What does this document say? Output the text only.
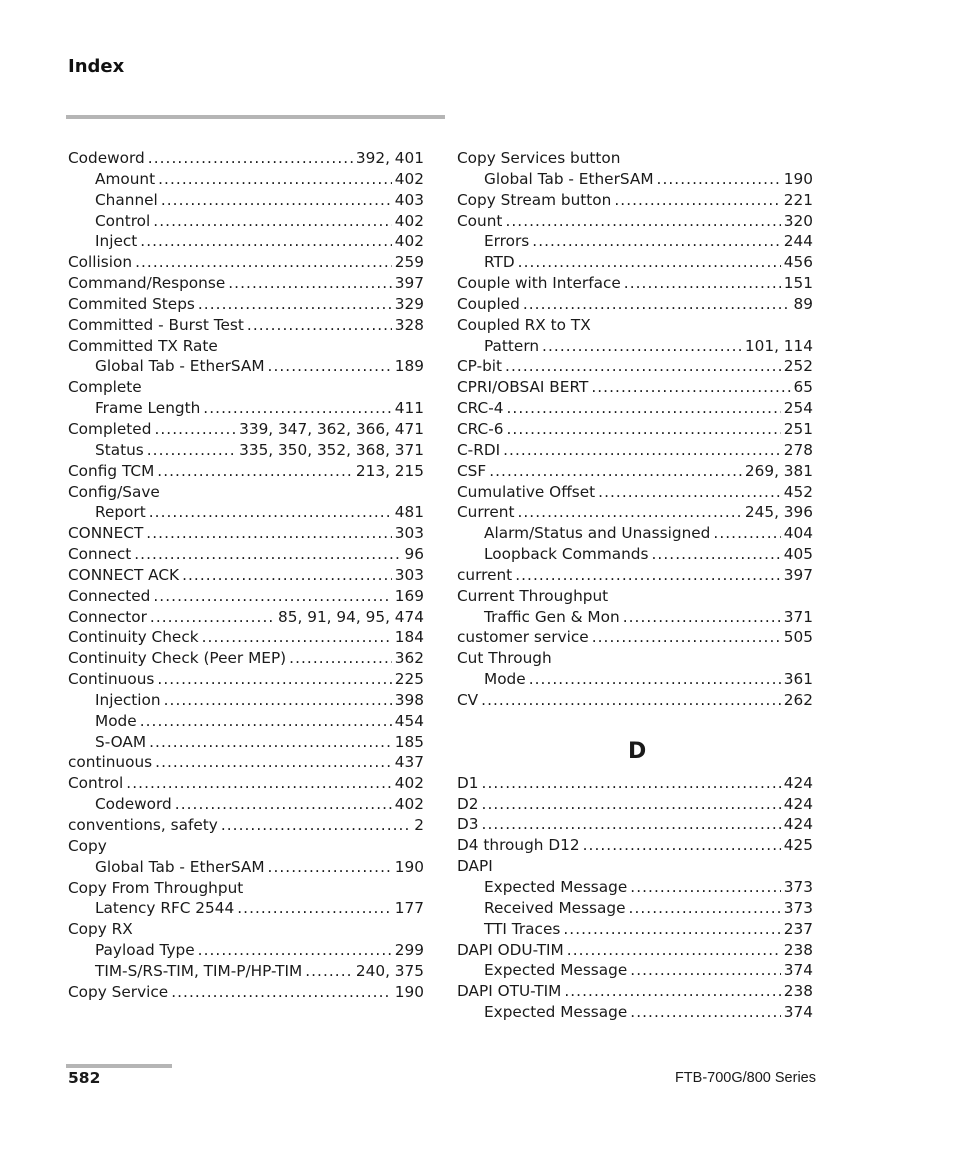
Index
Codeword . . .	392, 401
Amount . . .	402
Channel . . .	403
Control . . .	402
Inject . . .	402
Collision . . .	259
Command/Response . . .	397
Commited Steps . . .	329
Committed - Burst Test . . .	328
Committed TX Rate
Global Tab - EtherSAM . . .	189
Complete
Frame Length . . .	411
Completed . . .	339, 347, 362, 366, 471
Status . . .	335, 350, 352, 368, 371
Config TCM . . .	213, 215
Config/Save
Report . . .	481
CONNECT . . .	303
Connect . . .	96
CONNECT ACK . . .	303
Connected . . .	169
Connector . . .	85, 91, 94, 95, 474
Continuity Check . . .	184
Continuity Check (Peer MEP) . . .	362
Continuous . . .	225
Injection . . .	398
Mode . . .	454
S-OAM . . .	185
continuous . . .	437
Control . . .	402
Codeword . . .	402
conventions, safety . . .	2
Copy
Global Tab - EtherSAM . . .	190
Copy From Throughput
Latency RFC 2544 . . .	177
Copy RX
Payload Type . . .	299
TIM-S/RS-TIM, TIM-P/HP-TIM . . .	240, 375
Copy Service . . .	190
Copy Services button
Global Tab - EtherSAM . . .	190
Copy Stream button . . .	221
Count . . .	320
Errors . . .	244
RTD . . .	456
Couple with Interface . . .	151
Coupled . . .	89
Coupled RX to TX
Pattern . . .	101, 114
CP-bit . . .	252
CPRI/OBSAI BERT . . .	65
CRC-4 . . .	254
CRC-6 . . .	251
C-RDI . . .	278
CSF . . .	269, 381
Cumulative Offset . . .	452
Current . . .	245, 396
Alarm/Status and Unassigned . . .	404
Loopback Commands . . .	405
current . . .	397
Current Throughput
Traffic Gen & Mon . . .	371
customer service . . .	505
Cut Through
Mode . . .	361
CV . . .	262
D
D1 . . .	424
D2 . . .	424
D3 . . .	424
D4 through D12 . . .	425
DAPI
Expected Message . . .	373
Received Message . . .	373
TTI Traces . . .	237
DAPI ODU-TIM . . .	238
Expected Message . . .	374
DAPI OTU-TIM . . .	238
Expected Message . . .	374
582	FTB-700G/800 Series
